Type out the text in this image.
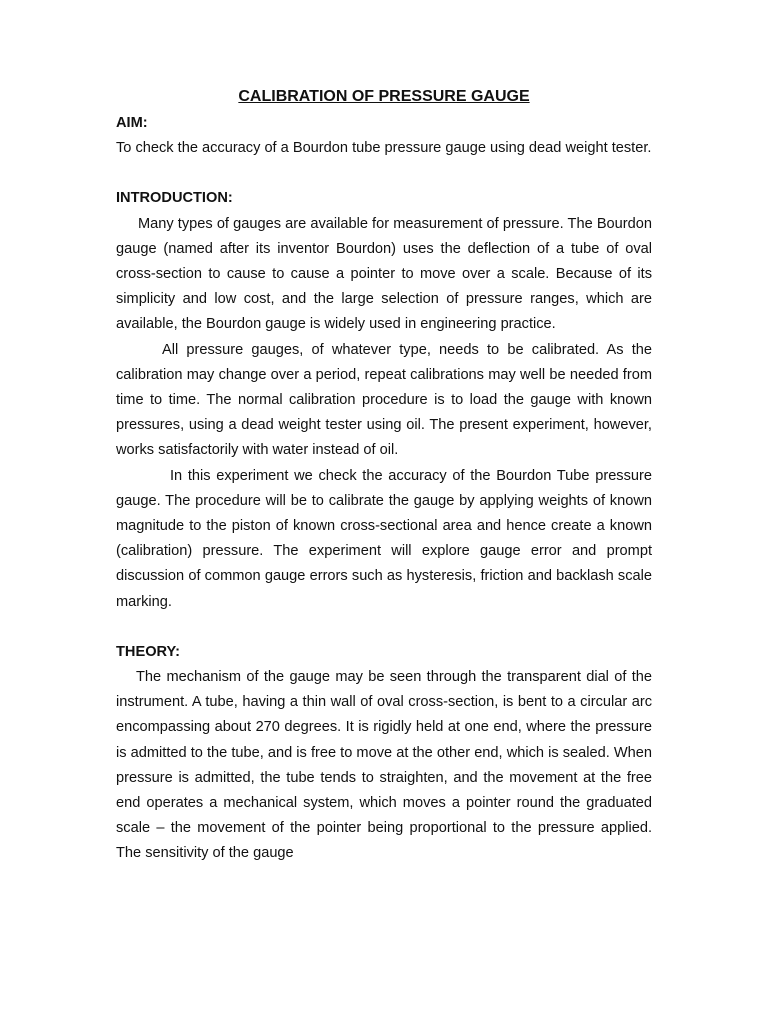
CALIBRATION OF PRESSURE GAUGE

AIM:

To check the accuracy of a Bourdon tube pressure gauge using dead weight tester.

INTRODUCTION:

Many types of gauges are available for measurement of pressure. The Bourdon gauge (named after its inventor Bourdon) uses the deflection of a tube of oval cross-section to cause to cause a pointer to move over a scale. Because of its simplicity and low cost, and the large selection of pressure ranges, which are available, the Bourdon gauge is widely used in engineering practice.

All pressure gauges, of whatever type, needs to be calibrated. As the calibration may change over a period, repeat calibrations may well be needed from time to time. The normal calibration procedure is to load the gauge with known pressures, using a dead weight tester using oil. The present experiment, however, works satisfactorily with water instead of oil.

In this experiment we check the accuracy of the Bourdon Tube pressure gauge. The procedure will be to calibrate the gauge by applying weights of known magnitude to the piston of known cross-sectional area and hence create a known (calibration) pressure. The experiment will explore gauge error and prompt discussion of common gauge errors such as hysteresis, friction and backlash scale marking.

THEORY:

The mechanism of the gauge may be seen through the transparent dial of the instrument. A tube, having a thin wall of oval cross-section, is bent to a circular arc encompassing about 270 degrees. It is rigidly held at one end, where the pressure is admitted to the tube, and is free to move at the other end, which is sealed. When pressure is admitted, the tube tends to straighten, and the movement at the free end operates a mechanical system, which moves a pointer round the graduated scale – the movement of the pointer being proportional to the pressure applied. The sensitivity of the gauge
